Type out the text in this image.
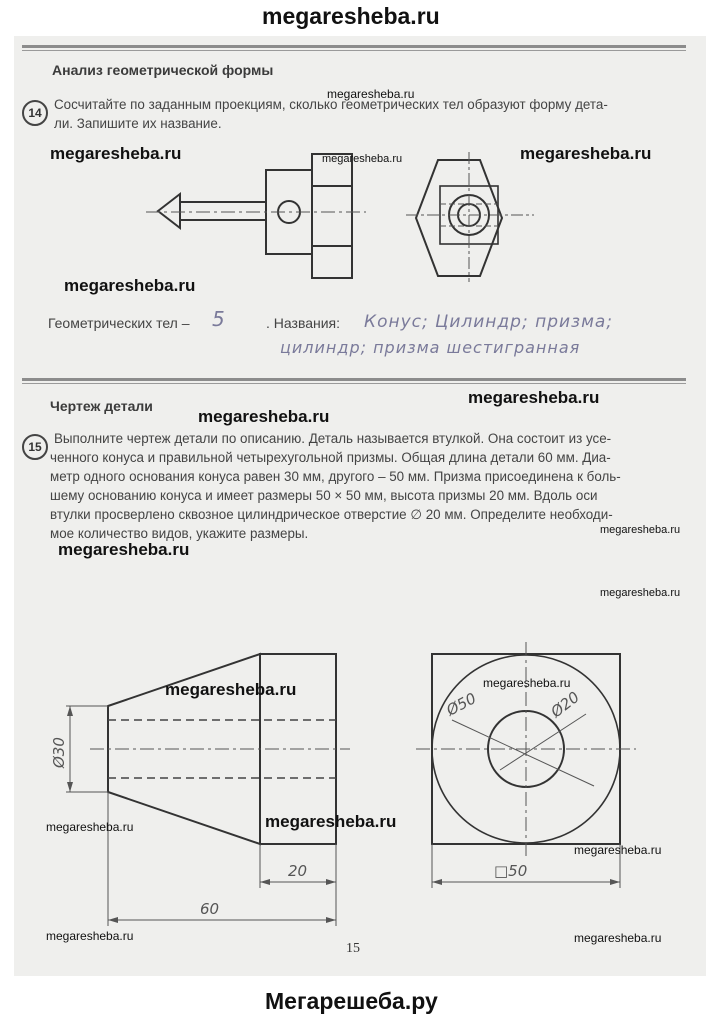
megaresheba.ru
Анализ геометрической формы
14
Сосчитайте по заданным проекциям, сколько геометрических тел образуют форму дета-
ли. Запишите их название.
Геометрических тел – 5	. Названия: Конус; Цилиндр; призма;
цилиндр; призма шестигранная
Чертеж детали
15
Выполните чертеж детали по описанию. Деталь называется втулкой. Она состоит из усе-
ченного конуса и правильной четырехугольной призмы. Общая длина детали 60 мм. Диа-
метр одного основания конуса равен 30 мм, другого – 50 мм. Призма присоединена к боль-
шему основанию конуса и имеет размеры 50 × 50 мм, высота призмы 20 мм. Вдоль оси
втулки просверлено сквозное цилиндрическое отверстие ∅ 20 мм. Определите необходи-
мое количество видов, укажите размеры.
Ø30
20
60
Ø50	Ø20
□50
15
megaresheba.ru
megaresheba.ru	megaresheba.ru	megaresheba.ru
megaresheba.ru
megaresheba.ru
megaresheba.ru
megaresheba.ru
megaresheba.ru
megaresheba.ru
megaresheba.ru	megaresheba.ru
megaresheba.ru	megaresheba.ru
megaresheba.ru
megaresheba.ru	megaresheba.ru
Мегарешеба.ру
